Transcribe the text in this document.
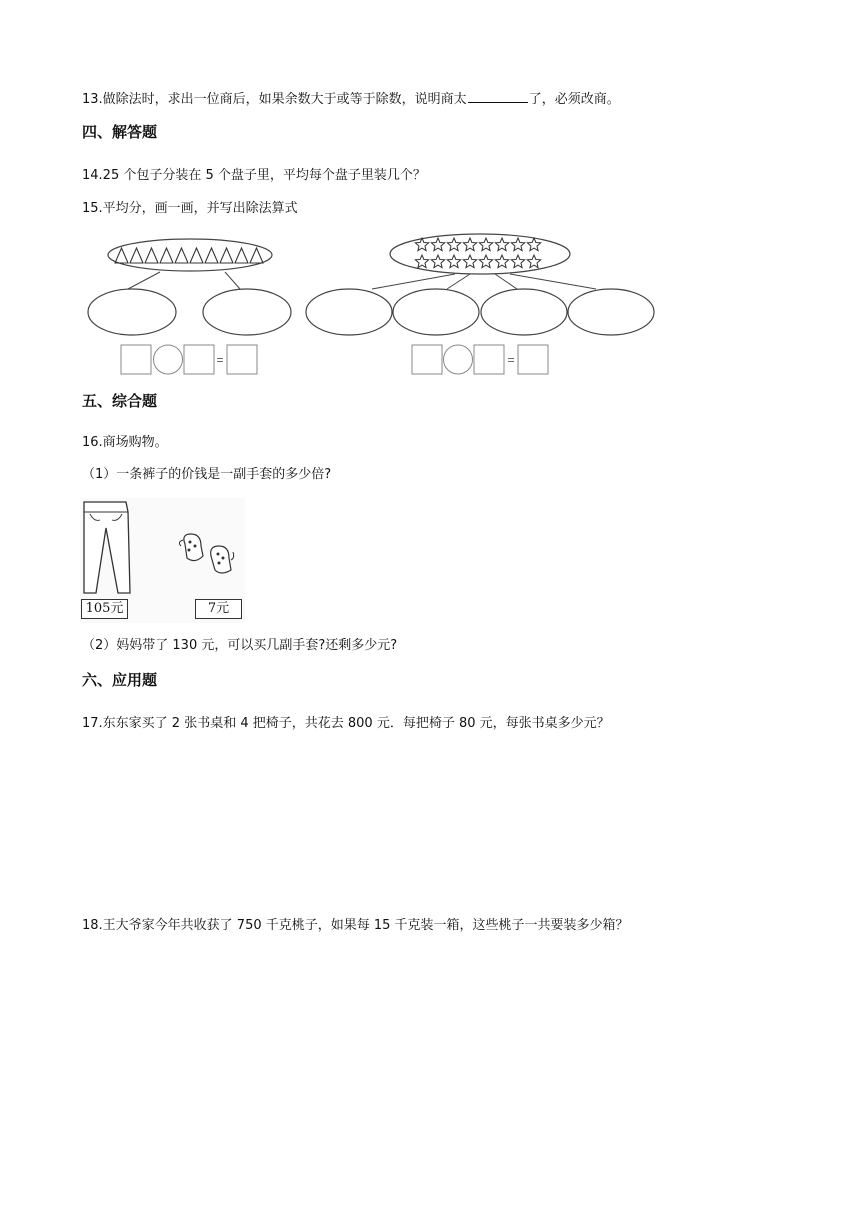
13.做除法时，求出一位商后，如果余数大于或等于除数，说明商太	了，必须改商。
四、解答题
14.25 个包子分装在 5 个盘子里，平均每个盘子里装几个？
15.平均分，画一画，并写出除法算式
=	=
五、综合题
16.商场购物。
（1）一条裤子的价钱是一副手套的多少倍?
105元	7元
（2）妈妈带了 130 元，可以买几副手套?还剩多少元?
六、应用题
17.东东家买了 2 张书桌和 4 把椅子，共花去 800 元．每把椅子 80 元，每张书桌多少元？
18.王大爷家今年共收获了 750 千克桃子，如果每 15 千克装一箱，这些桃子一共要装多少箱？
